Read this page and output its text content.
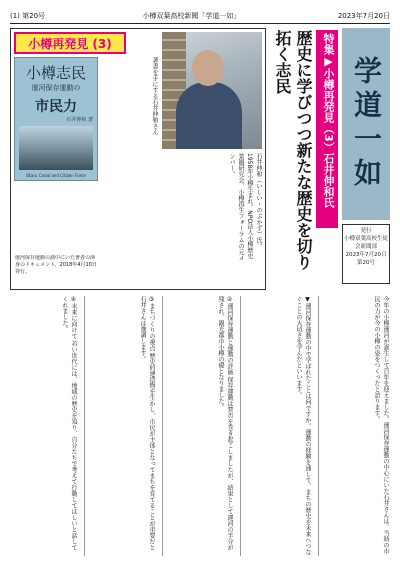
(1) 第20号	小樽双葉高校新聞「学道一如」	2023年7月20日
小樽再発見 (3)
著書を手にする石井伸和さん
小樽志民
運河保存運動の
市民力
石井伸和 著
Otaru Canal and Citizen Force	石井伸和（いしい・のぶかず）氏。1958年小樽生まれ。NPO法人小樽歴史景観研究会、小樽再生フォーラムの元メンバー。
運河保存運動の渦中にいた著者の渾身のドキュメント。2018年4月10日発行。
特集▶小樽再発見（3）石井伸和氏
歴史に学びつつ新たな歴史を切り拓く志民	学道一如
発行
小樽双葉高校生徒会新聞部
2023年7月20日
第20号
今年の小樽運河が誕生して百年を迎えました。運河保存運動の中心にいた石井さんは、当時の市民の力が今の小樽の姿をつくったと語ります。
▼運河保存運動の中で学ばれたことは何ですか。運動の経験を通して、まちの歴史を未来へつなぐことの大切さを学んだといいます。
②運河保存運動と運動の評価 保存運動は賛否を巻き起こしましたが、結果として運河の半分が残され、観光都市小樽の礎となりました。
③まちづくりの視点 歴史的建造物を生かし、市民が主体となってまちを育てることが重要だと石井さんは強調します。
④未来に向けて 若い世代には、地域の歴史を知り、自分たちで考えて行動してほしいと話してくれました。
